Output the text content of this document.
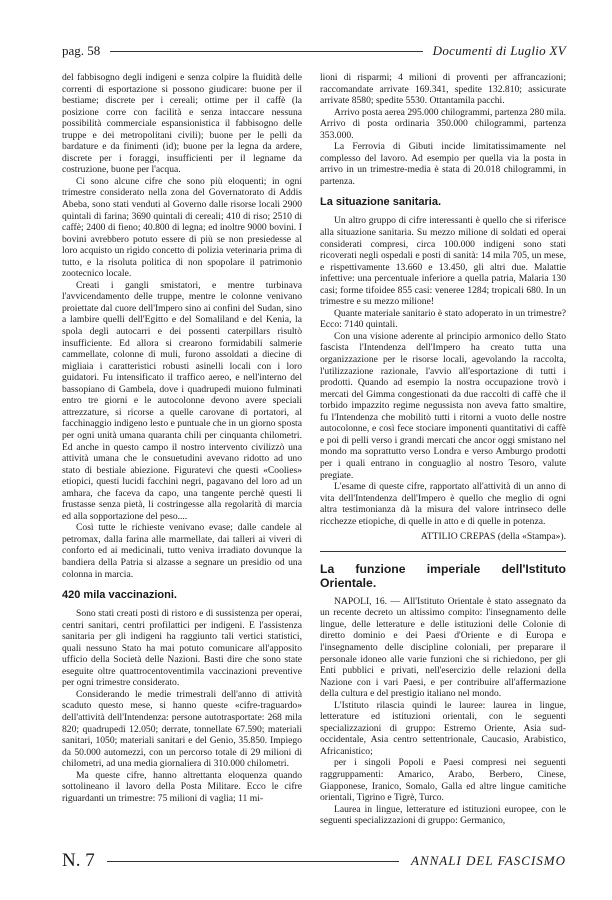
pag. 58	Documenti di Luglio XV

del fabbisogno degli indigeni e senza colpire la fluidità delle correnti di esportazione si possono giudicare: buone per il bestiame; discrete per i cereali; ottime per il caffè (la posizione corre con facilità e senza intaccare nessuna possibilità commerciale espansionistica il fabbisogno delle truppe e dei metropolitani civili); buone per le pelli da bardature e da finimenti (id); buone per la legna da ardere, discrete per i foraggi, insufficienti per il legname da costruzione, buone per l'acqua.

Ci sono alcune cifre che sono più eloquenti; in ogni trimestre considerato nella zona del Governatorato di Addis Abeba, sono stati venduti al Governo dalle risorse locali 2900 quintali di farina; 3690 quintali di cereali; 410 di riso; 2510 di caffè; 2400 di fieno; 40.800 di legna; ed inoltre 9000 bovini. I bovini avrebbero potuto essere di più se non presiedesse al loro acquisto un rigido concetto di polizia veterinaria prima di tutto, e la risoluta politica di non spopolare il patrimonio zootecnico locale.

Creati i gangli smistatori, e mentre turbinava l'avvicendamento delle truppe, mentre le colonne venivano proiettate dal cuore dell'Impero sino ai confini del Sudan, sino a lambire quelli dell'Egitto e del Somaliland e del Kenia, la spola degli autocarri e dei possenti caterpillars risultò insufficiente. Ed allora si crearono formidabili salmerie cammellate, colonne di muli, furono assoldati a diecine di migliaia i caratteristici robusti asinelli locali con i loro guidatori. Fu intensificato il traffico aereo, e nell'interno del bassopiano di Gambela, dove i quadrupedi muiono fulminati entro tre giorni e le autocolonne devono avere speciali attrezzature, si ricorse a quelle carovane di portatori, al facchinaggio indigeno lesto e puntuale che in un giorno sposta per ogni unità umana quaranta chili per cinquanta chilometri. Ed anche in questo campo il nostro intervento civilizzò una attività umana che le consuetudini avevano ridotto ad uno stato di bestiale abiezione. Figuratevi che questi «Coolies» etiopici, questi lucidi facchini negri, pagavano del loro ad un amhara, che faceva da capo, una tangente perchè questi li frustasse senza pietà, li costringesse alla regolarità di marcia ed alla sopportazione del peso....

Così tutte le richieste venivano evase; dalle candele al petromax, dalla farina alle marmellate, dai talleri ai viveri di conforto ed ai medicinali, tutto veniva irradiato dovunque la bandiera della Patria si alzasse a segnare un presidio od una colonna in marcia.

420 mila vaccinazioni.

Sono stati creati posti di ristoro e di sussistenza per operai, centri sanitari, centri profilattici per indigeni. E l'assistenza sanitaria per gli indigeni ha raggiunto tali vertici statistici, quali nessuno Stato ha mai potuto comunicare all'apposito ufficio della Società delle Nazioni. Basti dire che sono state eseguite oltre quattrocentoventimila vaccinazioni preventive per ogni trimestre considerato.

Considerando le medie trimestrali dell'anno di attività scaduto questo mese, si hanno queste «cifre-traguardo» dell'attività dell'Intendenza: persone autotrasportate: 268 mila 820; quadrupedi 12.050; derrate, tonnellate 67.590; materiali sanitari, 1050; materiali sanitari e del Genio, 35.850. Impiego da 50.000 automezzi, con un percorso totale di 29 milioni di chilometri, ad una media giornaliera di 310.000 chilometri.

Ma queste cifre, hanno altrettanta eloquenza quando sottolineano il lavoro della Posta Militare. Ecco le cifre riguardanti un trimestre: 75 milioni di vaglia; 11 mi-

lioni di risparmi; 4 milioni di proventi per affrancazioni; raccomandate arrivate 169.341, spedite 132.810; assicurate arrivate 8580; spedite 5530. Ottantamila pacchi.

Arrivo posta aerea 295.000 chilogrammi, partenza 280 mila. Arrivo di posta ordinaria 350.000 chilogrammi, partenza 353.000.

La Ferrovia di Gibuti incide limitatissimamente nel complesso del lavoro. Ad esempio per quella via la posta in arrivo in un trimestre-media è stata di 20.018 chilogrammi, in partenza.

La situazione sanitaria.

Un altro gruppo di cifre interessanti è quello che si riferisce alla situazione sanitaria. Su mezzo milione di soldati ed operai considerati compresi, circa 100.000 indigeni sono stati ricoverati negli ospedali e posti di sanità: 14 mila 705, un mese, e rispettivamente 13.660 e 13.450, gli altri due. Malattie infettive: una percentuale inferiore a quella patria, Malaria 130 casi; forme tifoidee 855 casi: veneree 1284; tropicali 680. In un trimestre e su mezzo milione!

Quante materiale sanitario è stato adoperato in un trimestre? Ecco: 7140 quintali.

Con una visione aderente al principio armonico dello Stato fascista l'Intendenza dell'Impero ha creato tutta una organizzazione per le risorse locali, agevolando la raccolta, l'utilizzazione razionale, l'avvio all'esportazione di tutti i prodotti. Quando ad esempio la nostra occupazione trovò i mercati del Gimma congestionati da due raccolti di caffè che il torbido impazzito regime negussista non aveva fatto smaltire, fu l'Intendenza che mobilitò tutti i ritorni a vuoto delle nostre autocolonne, e così fece stociare imponenti quantitativi di caffè e poi di pelli verso i grandi mercati che ancor oggi smistano nel mondo ma soprattutto verso Londra e verso Amburgo prodotti per i quali entrano in conguaglio al nostro Tesoro, valute pregiate.

L'esame di queste cifre, rapportato all'attività di un anno di vita dell'Intendenza dell'Impero è quello che meglio di ogni altra testimonianza dà la misura del valore intrinseco delle ricchezze etiopiche, di quelle in atto e di quelle in potenza.

ATTILIO CREPAS (della «Stampa»).

La funzione imperiale dell'Istituto Orientale.

NAPOLI, 16. — All'Istituto Orientale è stato assegnato da un recente decreto un altissimo compito: l'insegnamento delle lingue, delle letterature e delle istituzioni delle Colonie di diretto dominio e dei Paesi d'Oriente e di Europa e l'insegnamento delle discipline coloniali, per preparare il personale idoneo alle varie funzioni che si richiedono, per gli Enti pubblici e privati, nell'esercizio delle relazioni della Nazione con i vari Paesi, e per contribuire all'affermazione della cultura e del prestigio italiano nel mondo.

L'Istituto rilascia quindi le lauree: laurea in lingue, letterature ed istituzioni orientali, con le seguenti specializzazioni di gruppo: Estremo Oriente, Asia sud-occidentale, Asia centro settentrionale, Caucasio, Arabistico, Africanistico;

per i singoli Popoli e Paesi compresi nei seguenti raggruppamenti: Amarico, Arabo, Berbero, Cinese, Giapponese, Iranico, Somalo, Galla ed altre lingue camitiche orientali, Tigrino e Tigrè, Turco.

Laurea in lingue, letterature ed istituzioni europee, con le seguenti specializzazioni di gruppo: Germanico,

N. 7	ANNALI DEL FASCISMO
